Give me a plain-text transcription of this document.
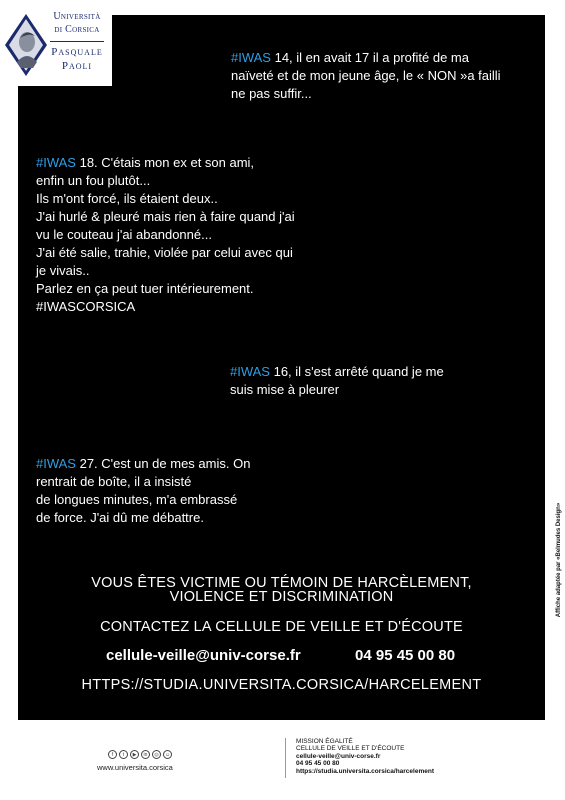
Università
di Corsica
Pasquale
Paoli
#IWAS 14, il en avait 17 il a profité de ma
naïveté et de mon jeune âge, le « NON »a failli
ne pas suffir...
#IWAS 18. C'étais mon ex et son ami,
enfin un fou plutôt...
Ils m'ont forcé, ils étaient deux..
J'ai hurlé & pleuré mais rien à faire quand j'ai
vu le couteau j'ai abandonné...
J'ai été salie, trahie, violée par celui avec qui
je vivais..
Parlez en ça peut tuer intérieurement.
#IWASCORSICA
#IWAS 16, il s'est arrêté quand je me
suis mise à pleurer
#IWAS 27. C'est un de mes amis. On
rentrait de boîte, il a insisté
de longues minutes, m'a embrassé
de force. J'ai dû me débattre.
VOUS ÊTES VICTIME OU TÉMOIN DE HARCÈLEMENT,
VIOLENCE ET DISCRIMINATION
CONTACTEZ LA CELLULE DE VEILLE ET D'ÉCOUTE
cellule-veille@univ-corse.fr	04 95 45 00 80
HTTPS://STUDIA.UNIVERSITA.CORSICA/HARCELEMENT
Affiche adaptée par «Belmudes Design»
f	t	▶	in	◎	☺
www.universita.corsica
MISSION ÉGALITÉ
CELLULE DE VEILLE ET D'ÉCOUTE
cellule-veille@univ-corse.fr
04 95 45 00 80
https://studia.universita.corsica/harcelement
